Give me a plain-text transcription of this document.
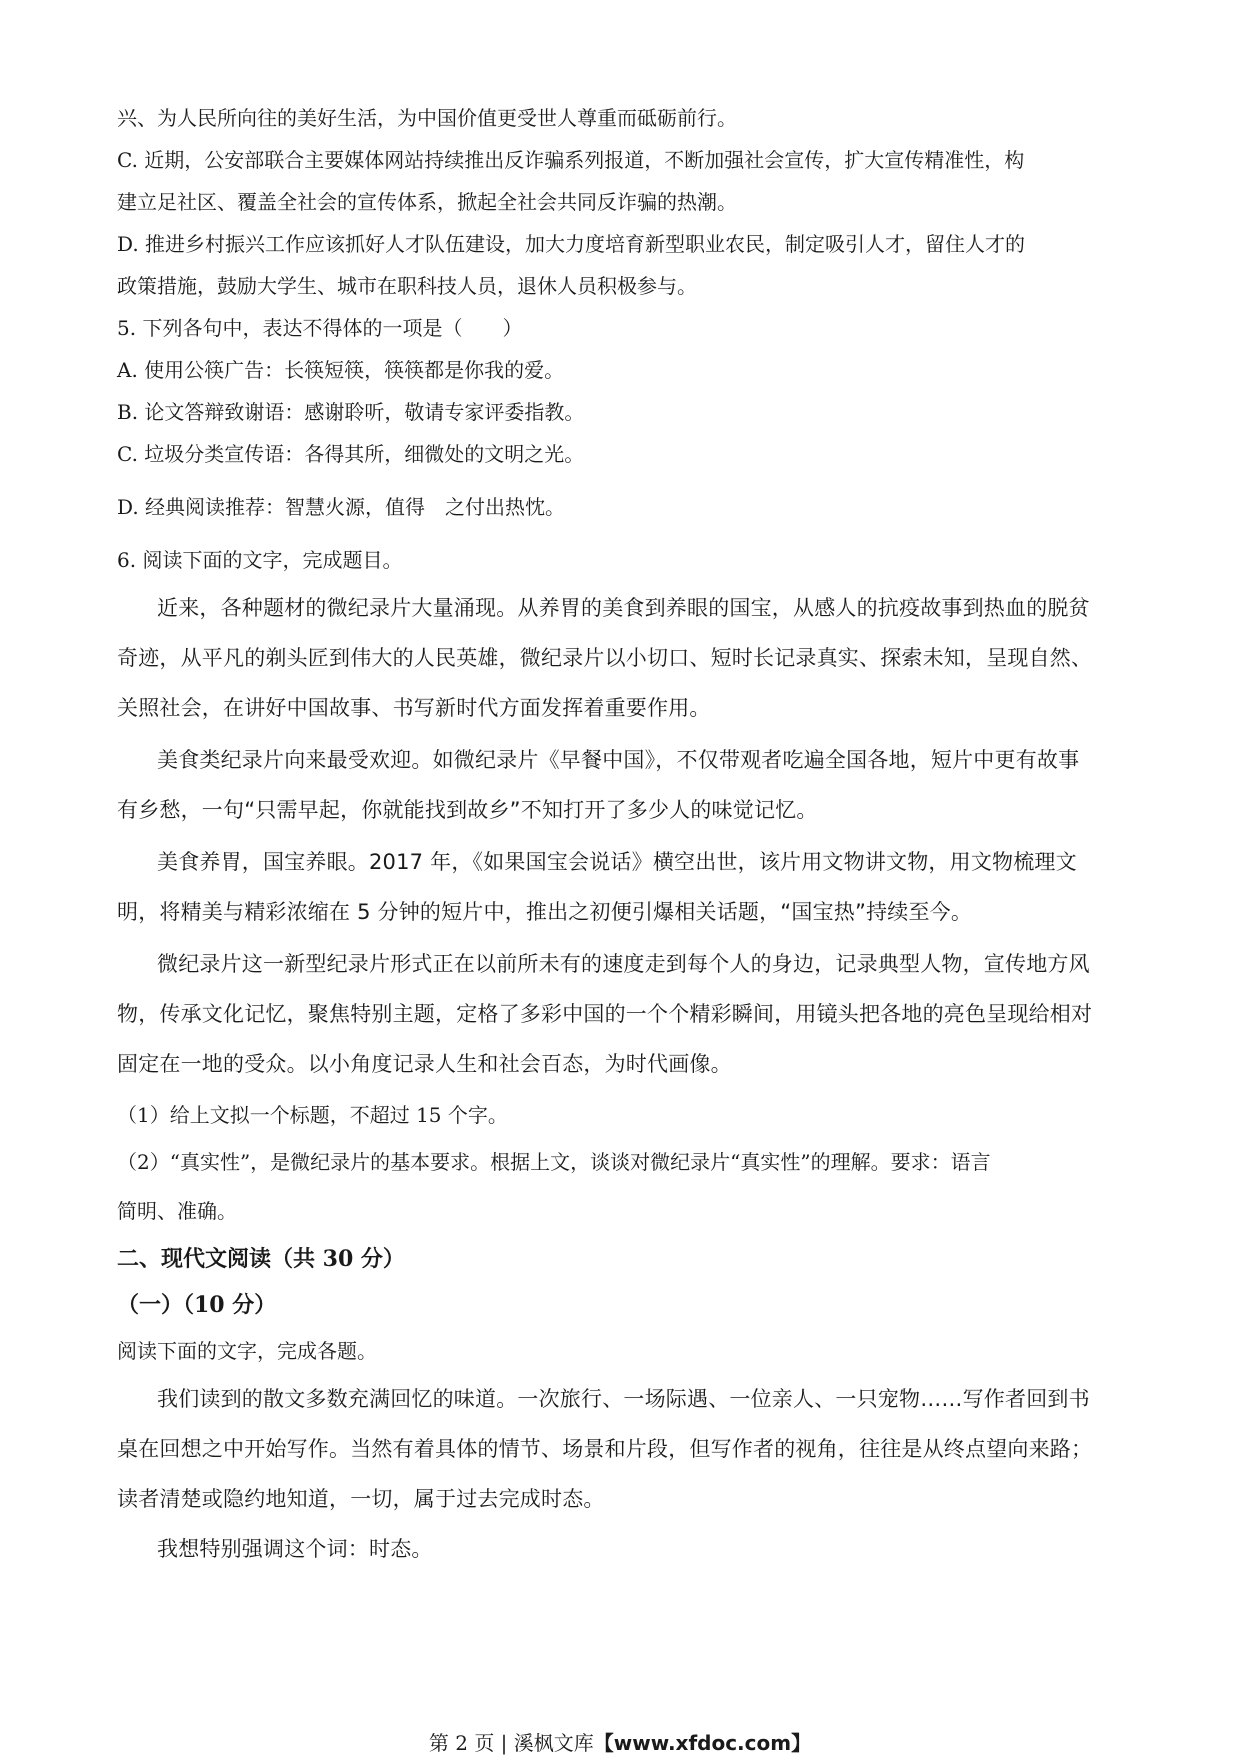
兴、为人民所向往的美好生活，为中国价值更受世人尊重而砥砺前行。
C. 近期，公安部联合主要媒体网站持续推出反诈骗系列报道，不断加强社会宣传，扩大宣传精准性，构
建立足社区、覆盖全社会的宣传体系，掀起全社会共同反诈骗的热潮。
D. 推进乡村振兴工作应该抓好人才队伍建设，加大力度培育新型职业农民，制定吸引人才，留住人才的
政策措施，鼓励大学生、城市在职科技人员，退休人员积极参与。
5. 下列各句中，表达不得体的一项是（　　）
A. 使用公筷广告：长筷短筷，筷筷都是你我的爱。
B. 论文答辩致谢语：感谢聆听，敬请专家评委指教。
C. 垃圾分类宣传语：各得其所，细微处的文明之光。
D. 经典阅读推荐：智慧火源，值得　之付出热忱。
6. 阅读下面的文字，完成题目。
近来，各种题材的微纪录片大量涌现。从养胃的美食到养眼的国宝，从感人的抗疫故事到热血的脱贫
奇迹，从平凡的剃头匠到伟大的人民英雄，微纪录片以小切口、短时长记录真实、探索未知，呈现自然、
关照社会，在讲好中国故事、书写新时代方面发挥着重要作用。
美食类纪录片向来最受欢迎。如微纪录片《早餐中国》，不仅带观者吃遍全国各地，短片中更有故事
有乡愁，一句“只需早起，你就能找到故乡”不知打开了多少人的味觉记忆。
美食养胃，国宝养眼。2017 年，《如果国宝会说话》横空出世，该片用文物讲文物，用文物梳理文
明，将精美与精彩浓缩在 5 分钟的短片中，推出之初便引爆相关话题，“国宝热”持续至今。
微纪录片这一新型纪录片形式正在以前所未有的速度走到每个人的身边，记录典型人物，宣传地方风
物，传承文化记忆，聚焦特别主题，定格了多彩中国的一个个精彩瞬间，用镜头把各地的亮色呈现给相对
固定在一地的受众。以小角度记录人生和社会百态，为时代画像。
（1）给上文拟一个标题，不超过 15 个字。
（2）“真实性”，是微纪录片的基本要求。根据上文，谈谈对微纪录片“真实性”的理解。要求：语言
简明、准确。
二、现代文阅读（共 30 分）
（一）（10 分）
阅读下面的文字，完成各题。
我们读到的散文多数充满回忆的味道。一次旅行、一场际遇、一位亲人、一只宠物……写作者回到书
桌在回想之中开始写作。当然有着具体的情节、场景和片段，但写作者的视角，往往是从终点望向来路；
读者清楚或隐约地知道，一切，属于过去完成时态。
我想特别强调这个词：时态。
第 2 页 | 溪枫文库【www.xfdoc.com】
